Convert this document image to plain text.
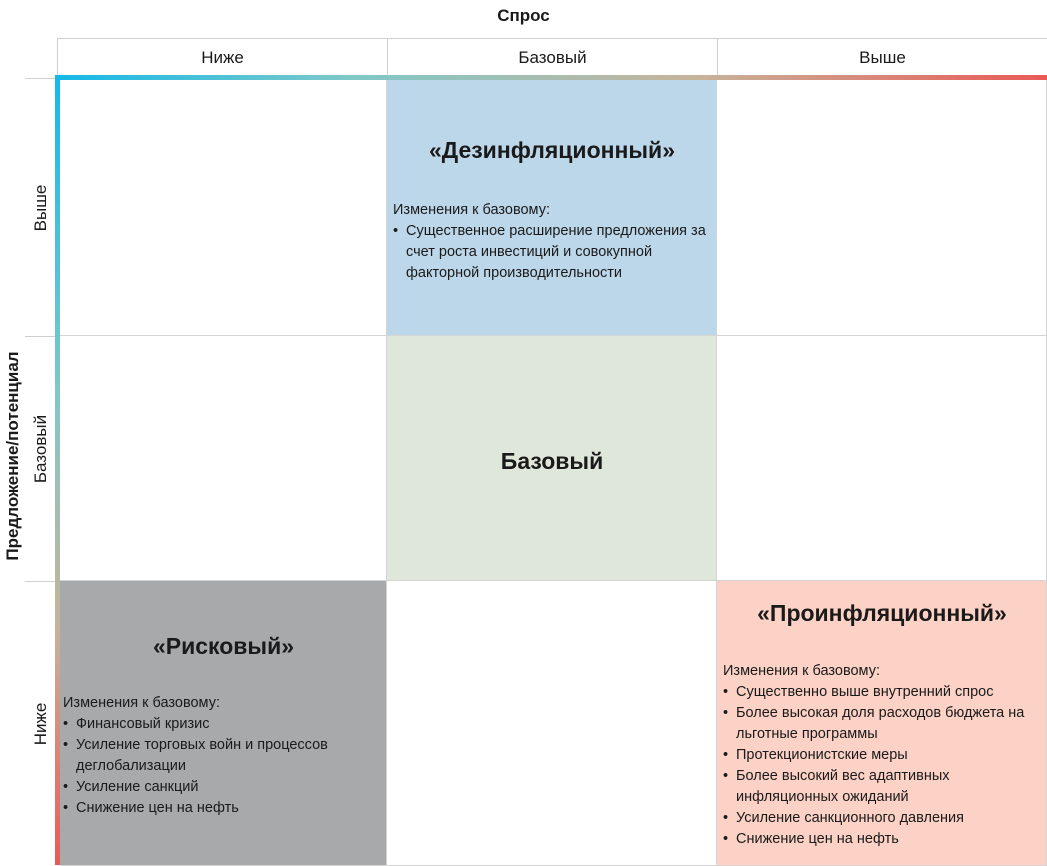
Спрос
Ниже	Базовый	Выше
Предложение/потенциал
Выше
Базовый
Ниже

«Дезинфляционный»

Изменения к базовому:

• Существенное расширение предложения за счет роста инвестиций и совокупной факторной производительности

Базовый

«Рисковый»

Изменения к базовому:

• Финансовый кризис
• Усиление торговых войн и процессов деглобализации
• Усиление санкций
• Снижение цен на нефть

«Проинфляционный»

Изменения к базовому:

• Существенно выше внутренний спрос
• Более высокая доля расходов бюджета на льготные программы
• Протекционистские меры
• Более высокий вес адаптивных инфляционных ожиданий
• Усиление санкционного давления
• Снижение цен на нефть
